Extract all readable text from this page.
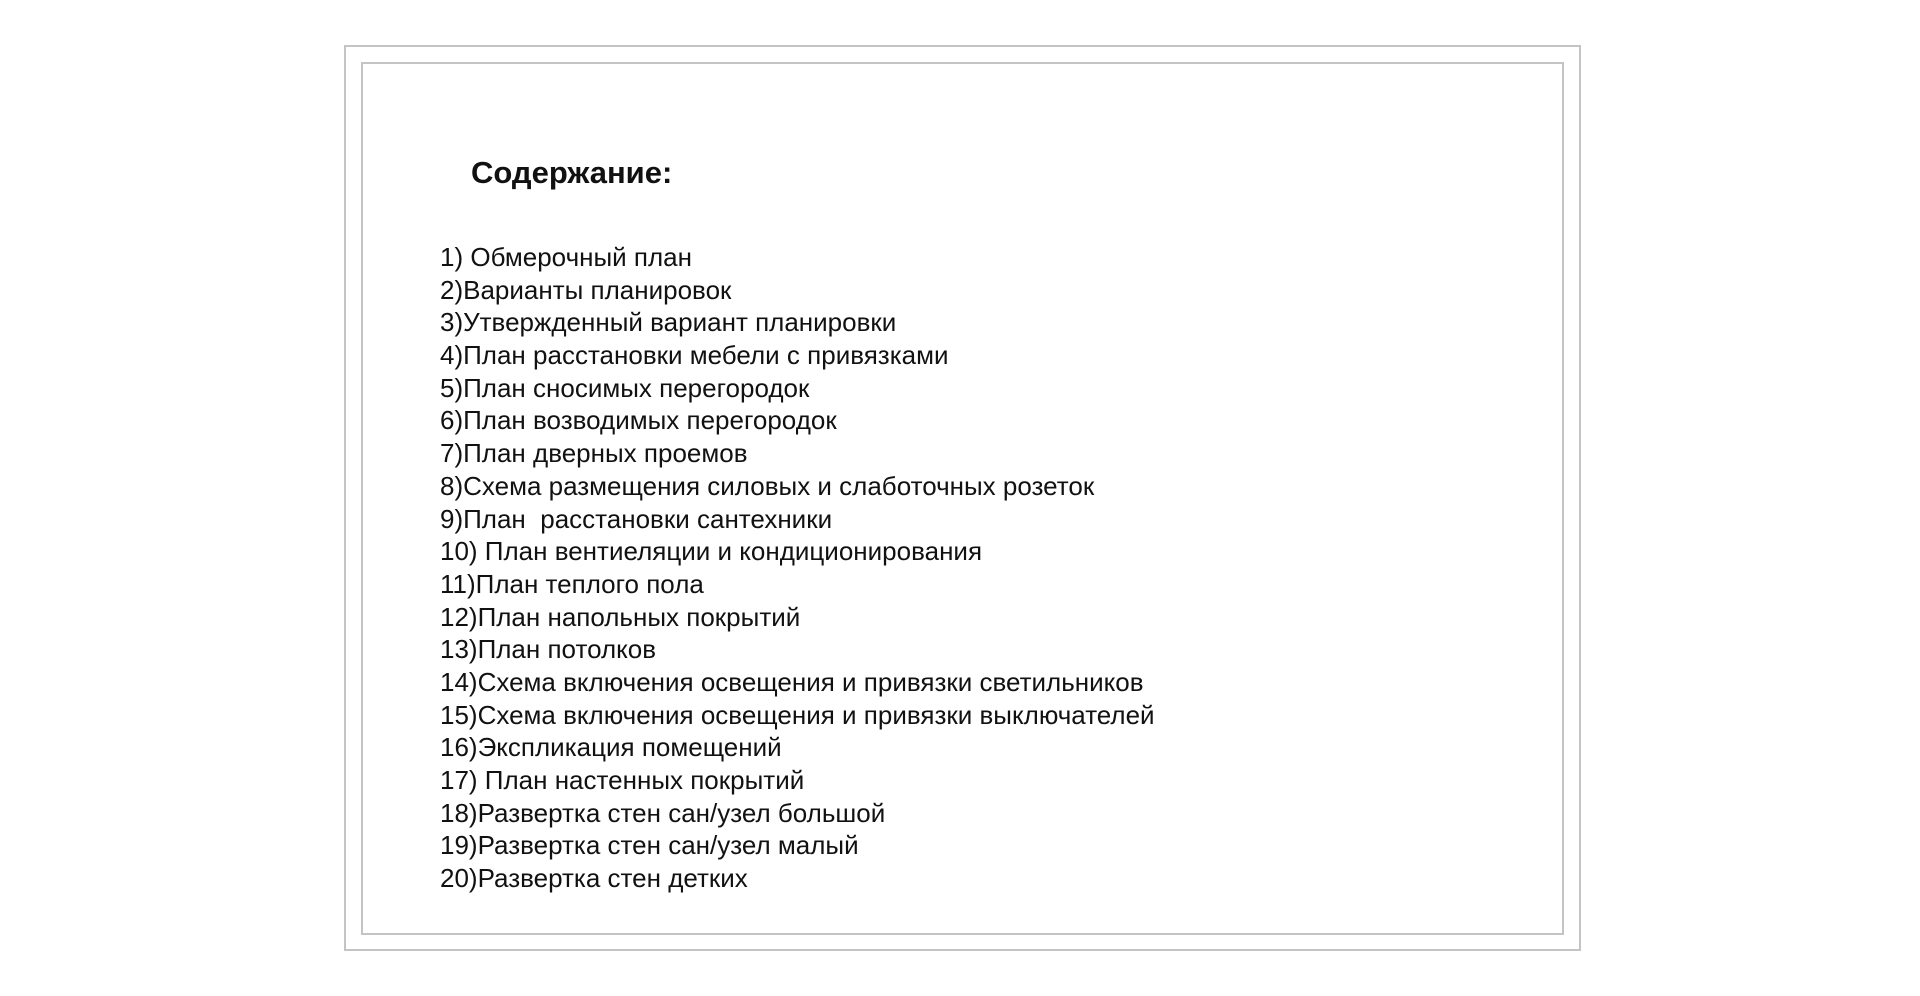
Содержание:
1) Обмерочный план
2)Варианты планировок
3)Утвержденный вариант планировки
4)План расстановки мебели с привязками
5)План сносимых перегородок
6)План возводимых перегородок
7)План дверных проемов
8)Схема размещения силовых и слаботочных розеток
9)План  расстановки сантехники
10) План вентиеляции и кондиционирования
11)План теплого пола
12)План напольных покрытий
13)План потолков
14)Схема включения освещения и привязки светильников
15)Схема включения освещения и привязки выключателей
16)Экспликация помещений
17) План настенных покрытий
18)Развертка стен сан/узел большой
19)Развертка стен сан/узел малый
20)Развертка стен детких
